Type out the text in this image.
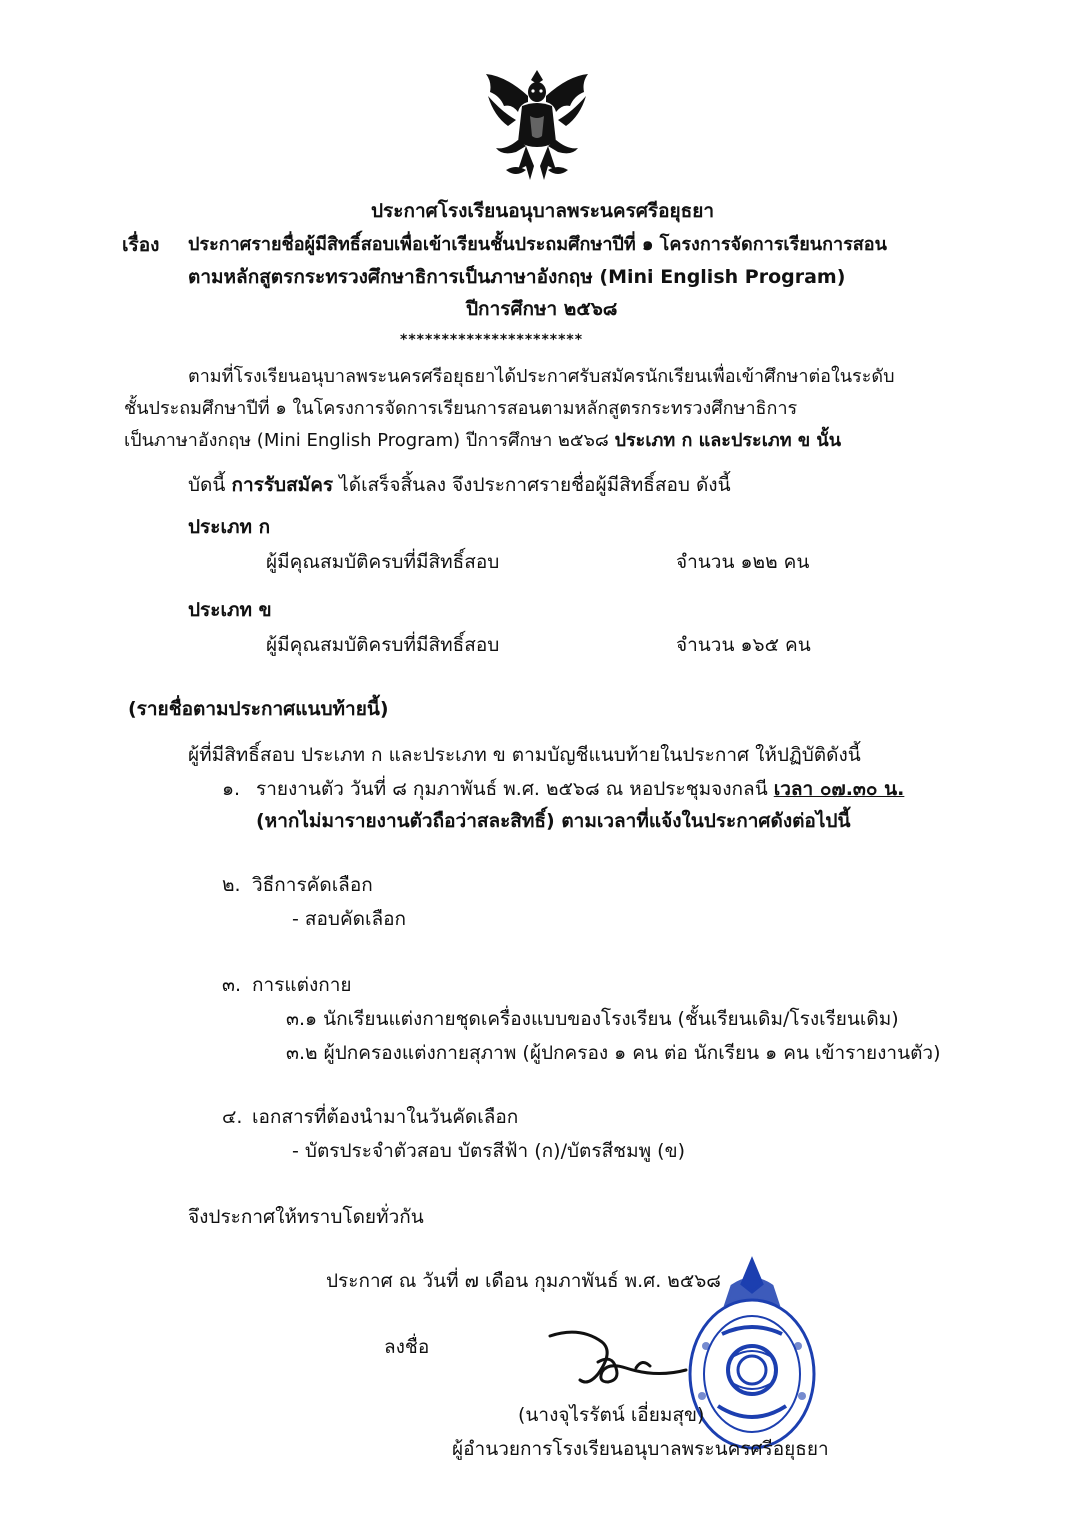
ประกาศโรงเรียนอนุบาลพระนครศรีอยุธยา
เรื่อง ประกาศรายชื่อผู้มีสิทธิ์สอบเพื่อเข้าเรียนชั้นประถมศึกษาปีที่ ๑ โครงการจัดการเรียนการสอน
ตามหลักสูตรกระทรวงศึกษาธิการเป็นภาษาอังกฤษ (Mini English Program)
ปีการศึกษา ๒๕๖๘
**********************
ตามที่โรงเรียนอนุบาลพระนครศรีอยุธยาได้ประกาศรับสมัครนักเรียนเพื่อเข้าศึกษาต่อในระดับ
ชั้นประถมศึกษาปีที่ ๑ ในโครงการจัดการเรียนการสอนตามหลักสูตรกระทรวงศึกษาธิการ
เป็นภาษาอังกฤษ (Mini English Program) ปีการศึกษา ๒๕๖๘ ประเภท ก และประเภท ข นั้น
บัดนี้ การรับสมัคร ได้เสร็จสิ้นลง จึงประกาศรายชื่อผู้มีสิทธิ์สอบ ดังนี้
ประเภท ก
ผู้มีคุณสมบัติครบที่มีสิทธิ์สอบ	จำนวน ๑๒๒ คน
ประเภท ข
ผู้มีคุณสมบัติครบที่มีสิทธิ์สอบ	จำนวน ๑๖๕ คน
(รายชื่อตามประกาศแนบท้ายนี้)
ผู้ที่มีสิทธิ์สอบ ประเภท ก และประเภท ข ตามบัญชีแนบท้ายในประกาศ ให้ปฏิบัติดังนี้
๑. รายงานตัว วันที่ ๘ กุมภาพันธ์ พ.ศ. ๒๕๖๘ ณ หอประชุมจงกลนี เวลา ๐๗.๓๐ น.
(หากไม่มารายงานตัวถือว่าสละสิทธิ์) ตามเวลาที่แจ้งในประกาศดังต่อไปนี้
๒. วิธีการคัดเลือก
- สอบคัดเลือก
๓. การแต่งกาย
๓.๑ นักเรียนแต่งกายชุดเครื่องแบบของโรงเรียน (ชั้นเรียนเดิม/โรงเรียนเดิม)
๓.๒ ผู้ปกครองแต่งกายสุภาพ (ผู้ปกครอง ๑ คน ต่อ นักเรียน ๑ คน เข้ารายงานตัว)
๔. เอกสารที่ต้องนำมาในวันคัดเลือก
- บัตรประจำตัวสอบ บัตรสีฟ้า (ก)/บัตรสีชมพู (ข)
จึงประกาศให้ทราบโดยทั่วกัน
ประกาศ ณ วันที่ ๗ เดือน กุมภาพันธ์ พ.ศ. ๒๕๖๘
ลงชื่อ
(นางจุไรรัตน์ เอี่ยมสุข)
ผู้อำนวยการโรงเรียนอนุบาลพระนครศรีอยุธยา
